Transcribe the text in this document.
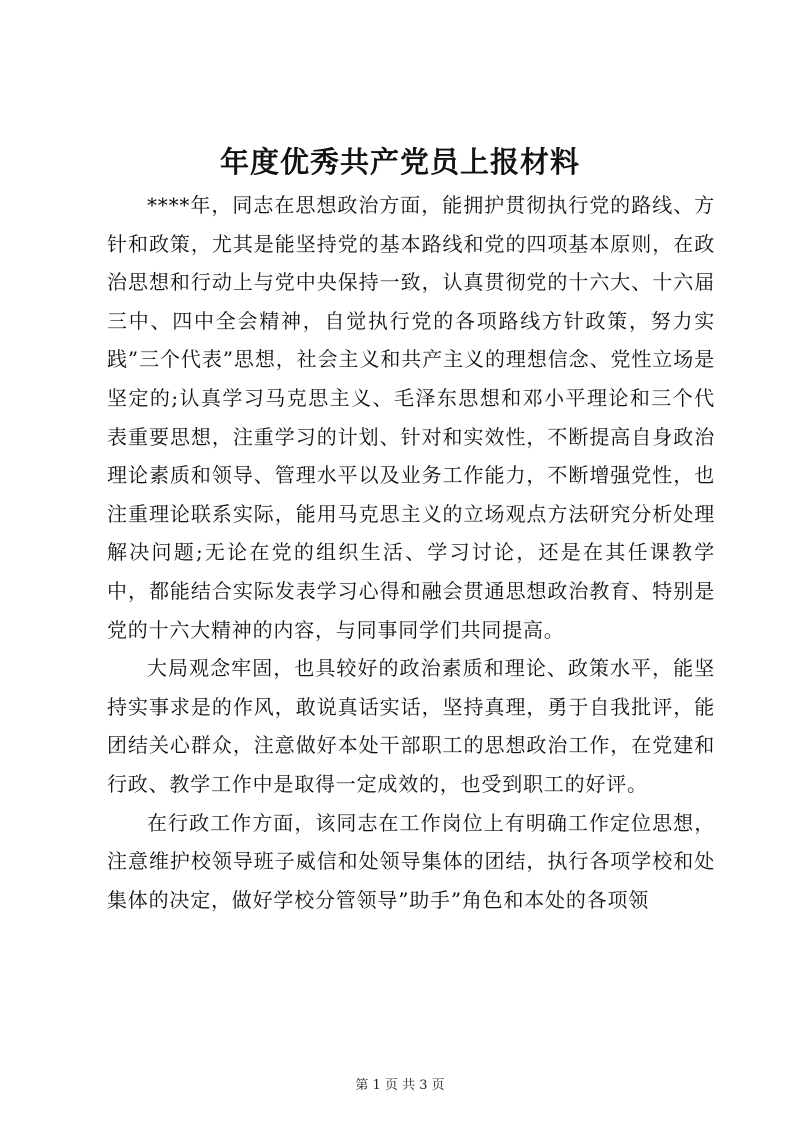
年度优秀共产党员上报材料

****年，同志在思想政治方面，能拥护贯彻执行党的路线、方针和政策，尤其是能坚持党的基本路线和党的四项基本原则，在政治思想和行动上与党中央保持一致，认真贯彻党的十六大、十六届三中、四中全会精神，自觉执行党的各项路线方针政策，努力实践”三个代表”思想，社会主义和共产主义的理想信念、党性立场是坚定的;认真学习马克思主义、毛泽东思想和邓小平理论和三个代表重要思想，注重学习的计划、针对和实效性，不断提高自身政治理论素质和领导、管理水平以及业务工作能力，不断增强党性，也注重理论联系实际，能用马克思主义的立场观点方法研究分析处理解决问题;无论在党的组织生活、学习讨论，还是在其任课教学中，都能结合实际发表学习心得和融会贯通思想政治教育、特别是党的十六大精神的内容，与同事同学们共同提高。

大局观念牢固，也具较好的政治素质和理论、政策水平，能坚持实事求是的作风，敢说真话实话，坚持真理，勇于自我批评，能团结关心群众，注意做好本处干部职工的思想政治工作，在党建和行政、教学工作中是取得一定成效的，也受到职工的好评。

在行政工作方面，该同志在工作岗位上有明确工作定位思想，注意维护校领导班子威信和处领导集体的团结，执行各项学校和处集体的决定，做好学校分管领导”助手”角色和本处的各项领

第 1 页 共 3 页
